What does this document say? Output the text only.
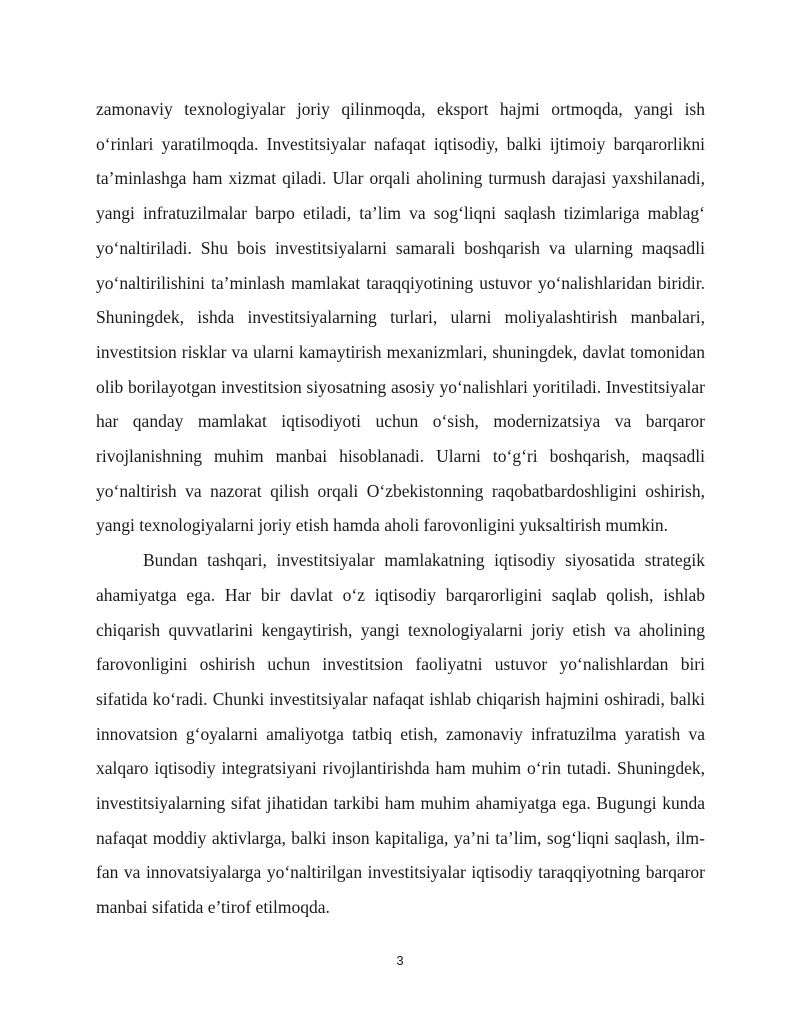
zamonaviy texnologiyalar joriy qilinmoqda, eksport hajmi ortmoqda, yangi ish o‘rinlari yaratilmoqda. Investitsiyalar nafaqat iqtisodiy, balki ijtimoiy barqarorlikni ta’minlashga ham xizmat qiladi. Ular orqali aholining turmush darajasi yaxshilanadi, yangi infratuzilmalar barpo etiladi, ta’lim va sog‘liqni saqlash tizimlariga mablag‘ yo‘naltiriladi. Shu bois investitsiyalarni samarali boshqarish va ularning maqsadli yo‘naltirilishini ta’minlash mamlakat taraqqiyotining ustuvor yo‘nalishlaridan biridir. Shuningdek, ishda investitsiyalarning turlari, ularni moliyalashtirish manbalari, investitsion risklar va ularni kamaytirish mexanizmlari, shuningdek, davlat tomonidan olib borilayotgan investitsion siyosatning asosiy yo‘nalishlari yoritiladi. Investitsiyalar har qanday mamlakat iqtisodiyoti uchun o‘sish, modernizatsiya va barqaror rivojlanishning muhim manbai hisoblanadi. Ularni to‘g‘ri boshqarish, maqsadli yo‘naltirish va nazorat qilish orqali O‘zbekistonning raqobatbardoshligini oshirish, yangi texnologiyalarni joriy etish hamda aholi farovonligini yuksaltirish mumkin.

Bundan tashqari, investitsiyalar mamlakatning iqtisodiy siyosatida strategik ahamiyatga ega. Har bir davlat o‘z iqtisodiy barqarorligini saqlab qolish, ishlab chiqarish quvvatlarini kengaytirish, yangi texnologiyalarni joriy etish va aholining farovonligini oshirish uchun investitsion faoliyatni ustuvor yo‘nalishlardan biri sifatida ko‘radi. Chunki investitsiyalar nafaqat ishlab chiqarish hajmini oshiradi, balki innovatsion g‘oyalarni amaliyotga tatbiq etish, zamonaviy infratuzilma yaratish va xalqaro iqtisodiy integratsiyani rivojlantirishda ham muhim o‘rin tutadi. Shuningdek, investitsiyalarning sifat jihatidan tarkibi ham muhim ahamiyatga ega. Bugungi kunda nafaqat moddiy aktivlarga, balki inson kapitaliga, ya’ni ta’lim, sog‘liqni saqlash, ilm-fan va innovatsiyalarga yo‘naltirilgan investitsiyalar iqtisodiy taraqqiyotning barqaror manbai sifatida e’tirof etilmoqda.

3
